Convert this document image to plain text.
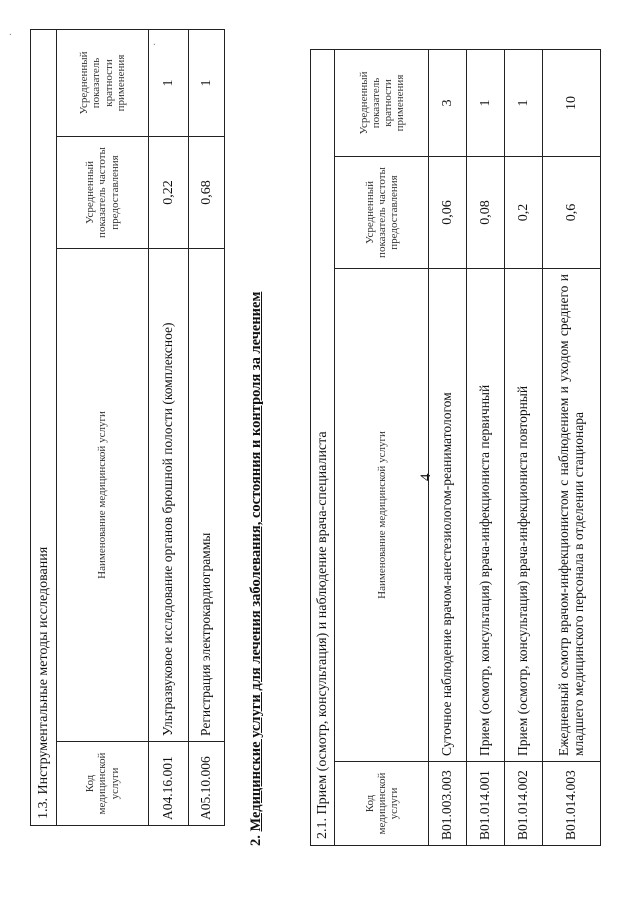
4
1.3. Инструментальные методы исследования			
Код медицинской услуги	Наименование медицинской услуги	Усредненный показатель частоты предоставления	Усредненный показатель кратности применения
A04.16.001	Ультразвуковое исследование органов брюшной полости (комплексное)	0,22	1
A05.10.006	Регистрация электрокардиограммы	0,68	1
2. Медицинские услуги для лечения заболевания, состояния и контроля за лечением	2.1. Прием (осмотр, консультация) и наблюдение врача-специалиста			
Код медицинской услуги	Наименование медицинской услуги	Усредненный показатель частоты предоставления	Усредненный показатель кратности применения
B01.003.003	Суточное наблюдение врачом-анестезиологом-реаниматологом	0,06	3
B01.014.001	Прием (осмотр, консультация) врача-инфекциониста первичный	0,08	1
B01.014.002	Прием (осмотр, консультация) врача-инфекциониста повторный	0,2	1
B01.014.003	Ежедневный осмотр врачом-инфекционистом с наблюдением и уходом среднего и младшего медицинского персонала в отделении стационара	0,6	10
·
·
